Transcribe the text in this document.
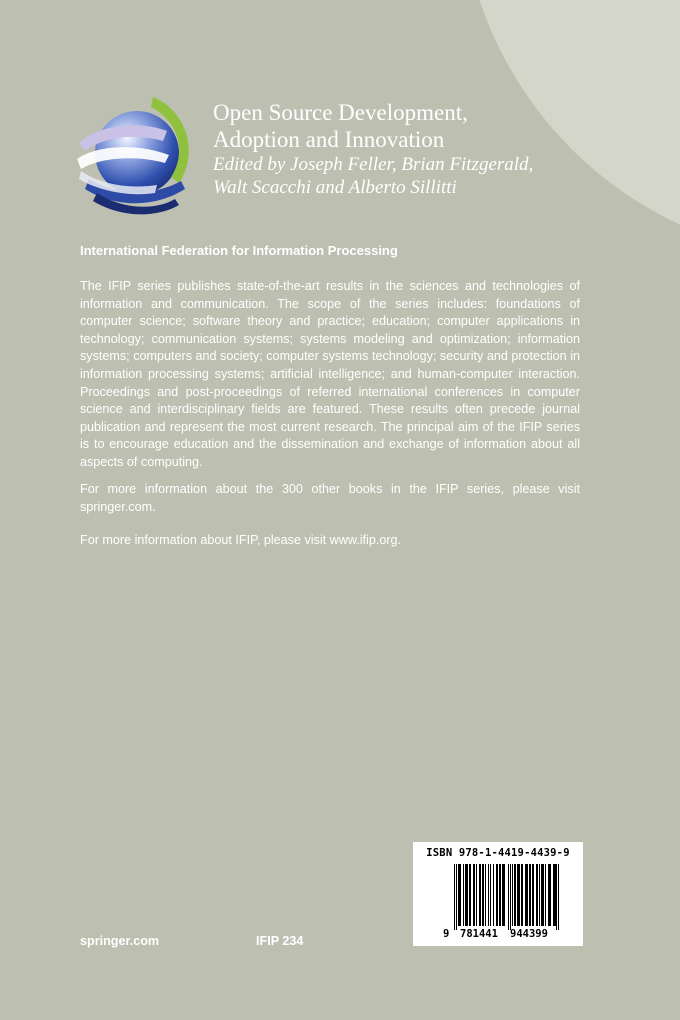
Open Source Development,
Adoption and Innovation
Edited by Joseph Feller, Brian Fitzgerald,
Walt Scacchi and Alberto Sillitti
International Federation for Information Processing
The IFIP series publishes state-of-the-art results in the sciences and technologies of information and communication. The scope of the series includes: foundations of computer science; software theory and practice; education; computer applications in technology; communication systems; systems modeling and optimization; information systems; computers and society; computer systems technology; security and protection in information processing systems; artificial intelligence; and human-computer interaction. Proceedings and post-proceedings of referred international conferences in computer science and interdisciplinary fields are featured. These results often precede journal publication and represent the most current research. The principal aim of the IFIP series is to encourage education and the dissemination and exchange of information about all aspects of computing.
For more information about the 300 other books in the IFIP series, please visit springer.com.
For more information about IFIP, please visit www.ifip.org.
springer.com	IFIP 234
ISBN 978-1-4419-4439-9
9 781441 944399
